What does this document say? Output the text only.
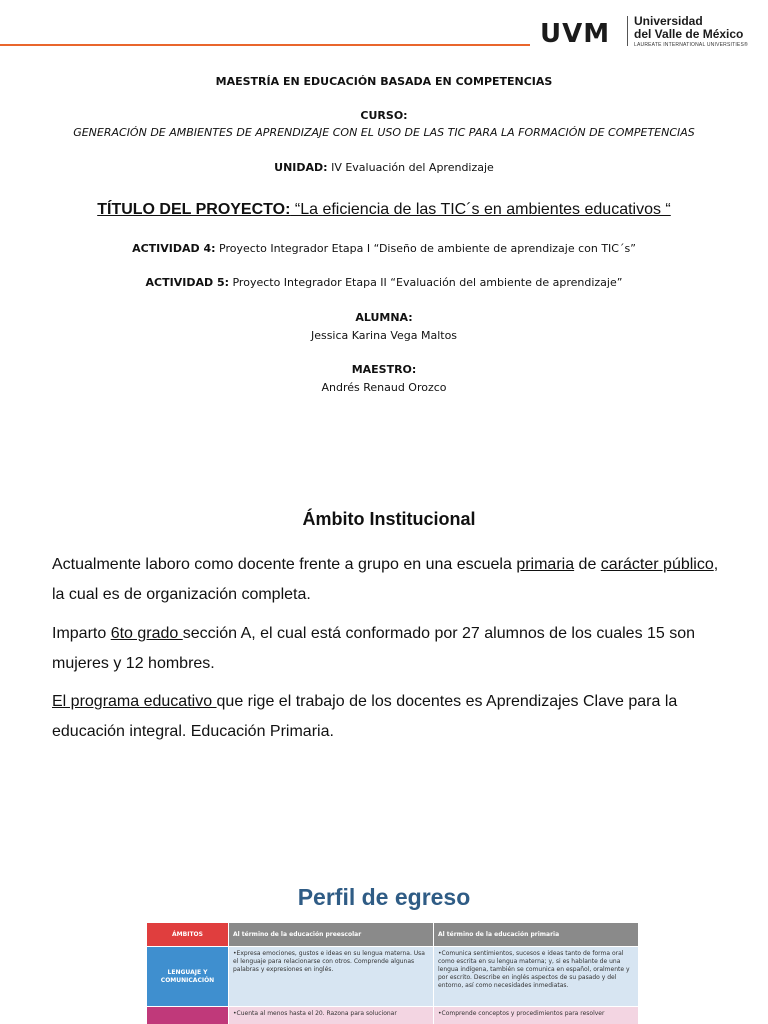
UVM Universidad
del Valle de México
LAUREATE INTERNATIONAL UNIVERSITIES®
MAESTRÍA EN EDUCACIÓN BASADA EN COMPETENCIAS
CURSO:
GENERACIÓN DE AMBIENTES DE APRENDIZAJE CON EL USO DE LAS TIC PARA LA FORMACIÓN DE COMPETENCIAS
UNIDAD: IV Evaluación del Aprendizaje
TÍTULO DEL PROYECTO: “La eficiencia de las TIC´s en ambientes educativos “
ACTIVIDAD 4: Proyecto Integrador Etapa I “Diseño de ambiente de aprendizaje con TIC´s”
ACTIVIDAD 5: Proyecto Integrador Etapa II “Evaluación del ambiente de aprendizaje”
ALUMNA:
Jessica Karina Vega Maltos
MAESTRO:
Andrés Renaud Orozco
Ámbito Institucional
Actualmente laboro como docente frente a grupo en una escuela primaria de carácter público, la cual es de organización completa.
Imparto 6to grado sección A, el cual está conformado por 27 alumnos de los cuales 15 son mujeres y 12 hombres.
El programa educativo que rige el trabajo de los docentes es Aprendizajes Clave para la educación integral. Educación Primaria.
Perfil de egreso
ÁMBITOS	Al término de la educación preescolar	Al término de la educación primaria
LENGUAJE Y COMUNICACIÓN	•Expresa emociones, gustos e ideas en su lengua materna. Usa el lenguaje para relacionarse con otros. Comprende algunas palabras y expresiones en inglés.	•Comunica sentimientos, sucesos e ideas tanto de forma oral como escrita en su lengua materna; y, si es hablante de una lengua indígena, también se comunica en español, oralmente y por escrito. Describe en inglés aspectos de su pasado y del entorno, así como necesidades inmediatas.
	•Cuenta al menos hasta el 20. Razona para solucionar	•Comprende conceptos y procedimientos para resolver
